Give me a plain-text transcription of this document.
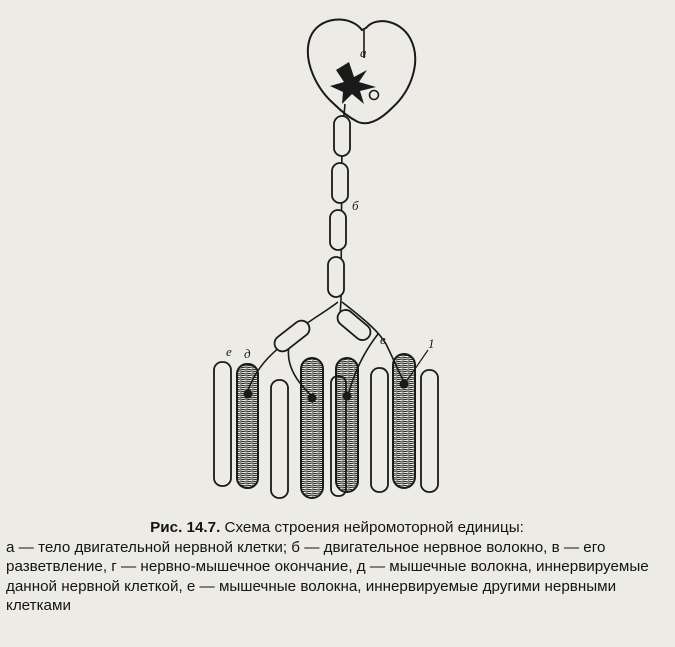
а
б
в
е д
1
Рис. 14.7. Схема строения нейромоторной единицы:
а — тело двигательной нервной клетки; б — двигательное нервное волокно, в — его разветвление, г — нервно-мышечное окончание, д — мышечные волокна, иннервируемые данной нервной клеткой, е — мышечные волокна, иннервируемые другими нервными клетками
